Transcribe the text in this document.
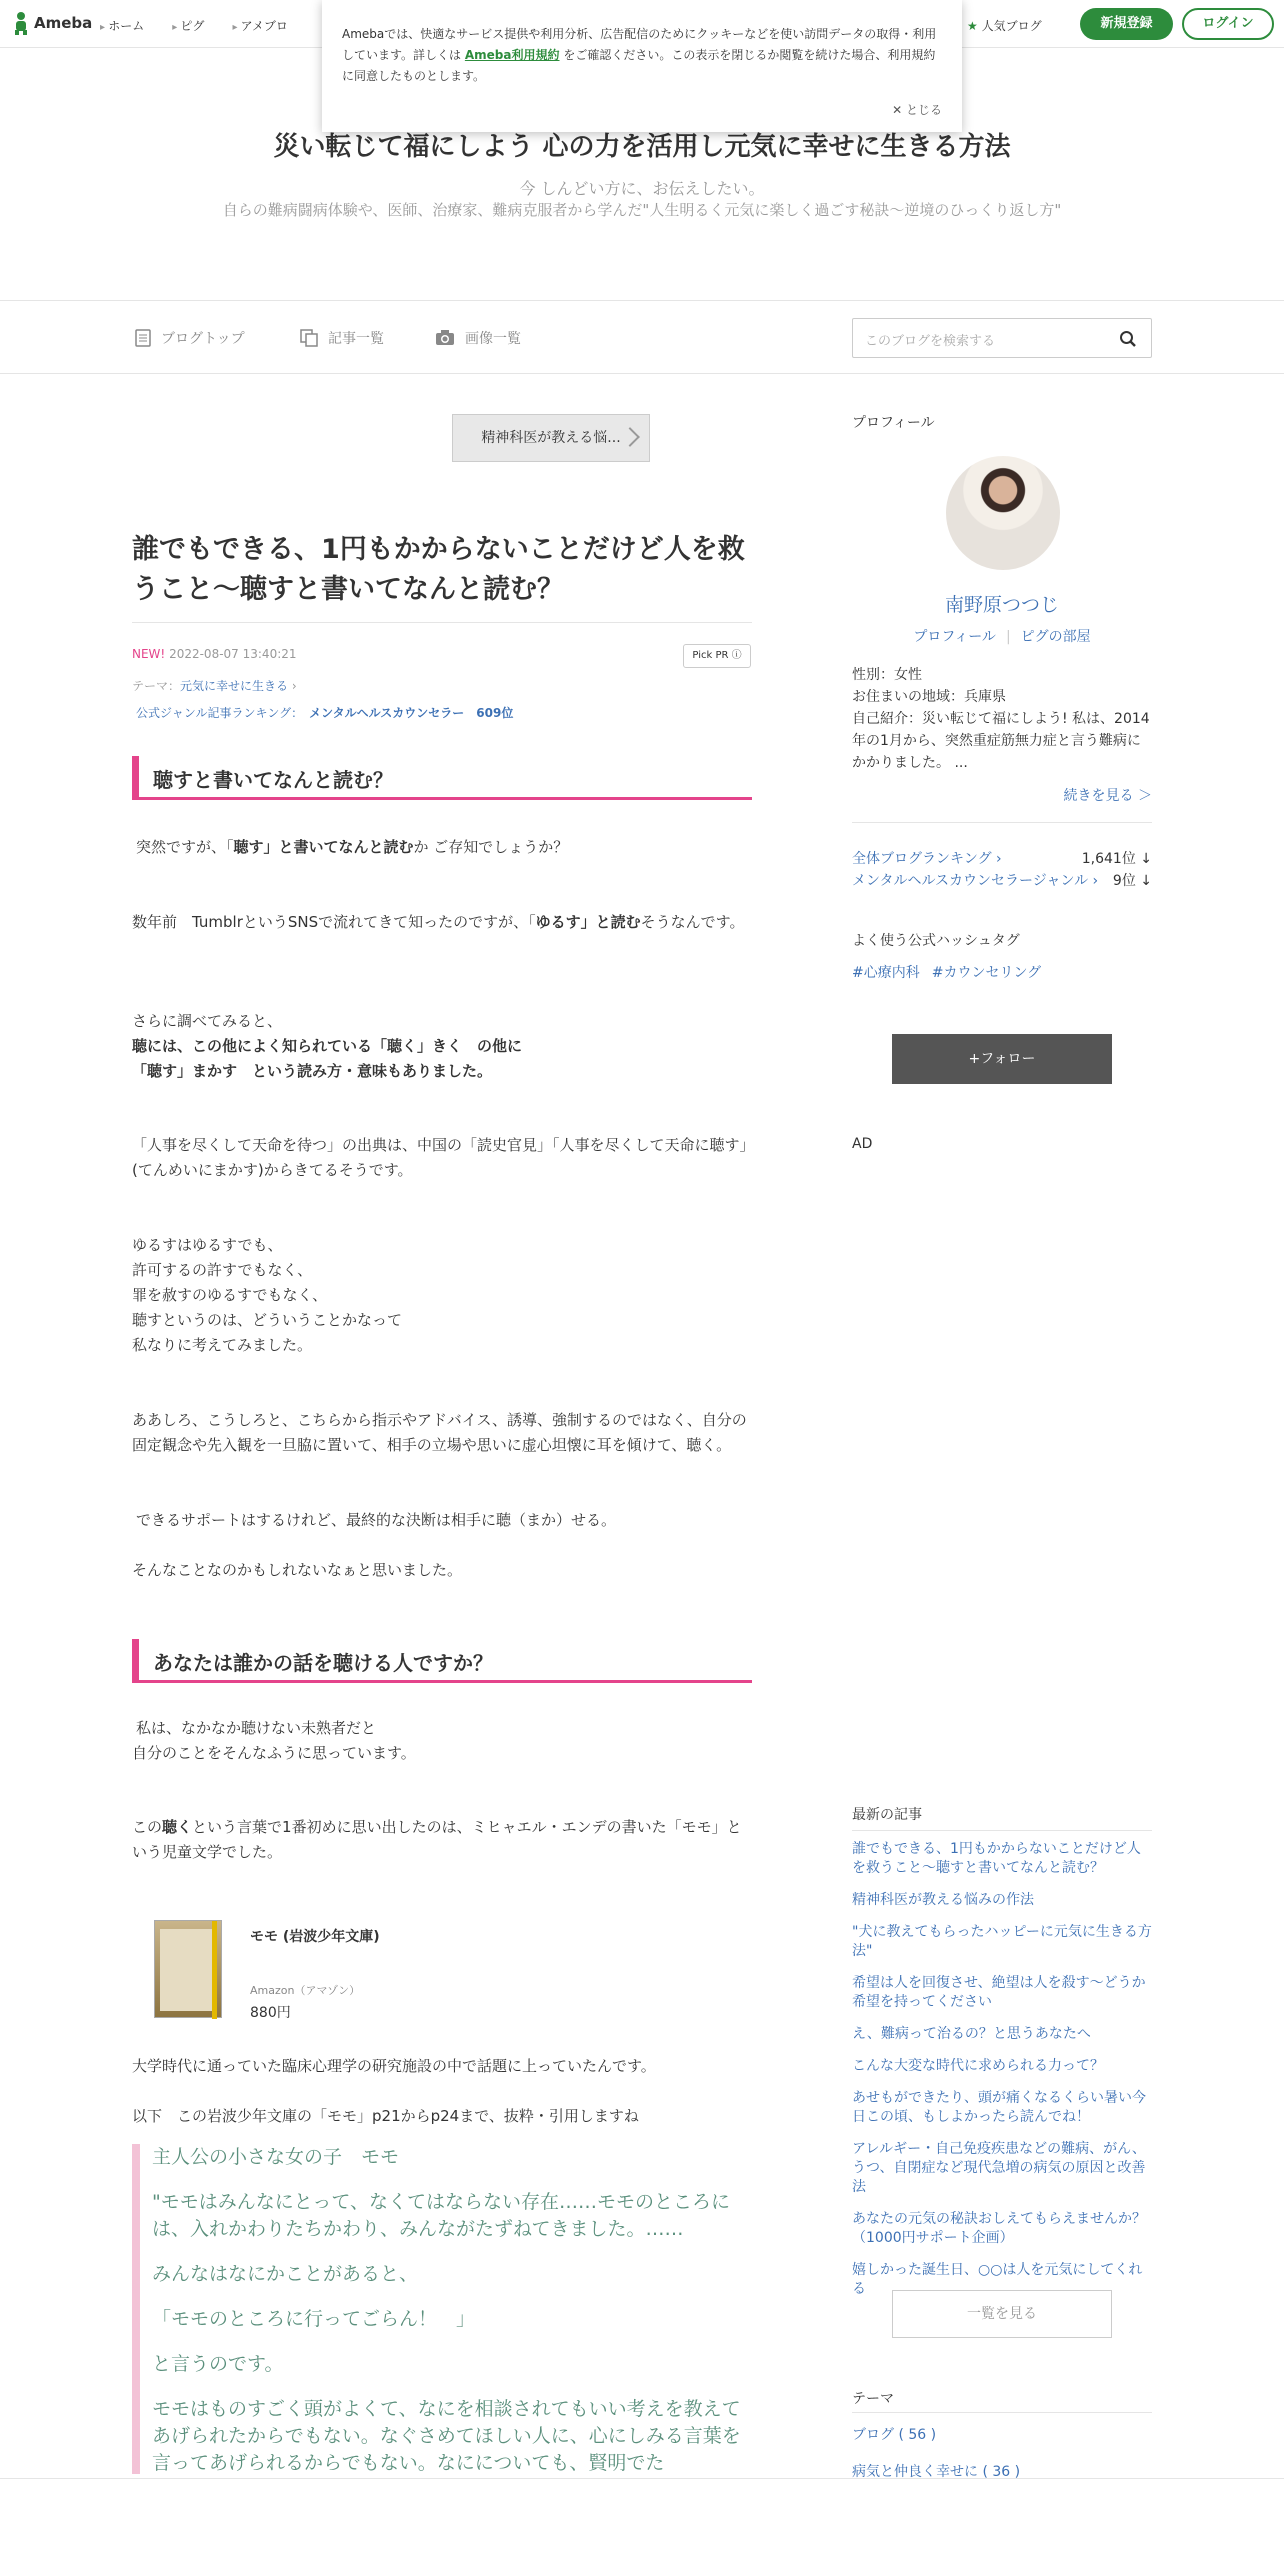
Ameba	▸ ホーム	▸ ピグ	▸ アメブロ	★ 人気ブログ	新規登録	ログイン
Amebaでは、快適なサービス提供や利用分析、広告配信のためにクッキーなどを使い訪問データの取得・利用しています。詳しくは Ameba利用規約 をご確認ください。この表示を閉じるか閲覧を続けた場合、利用規約に同意したものとします。
✕ とじる
災い転じて福にしよう 心の力を活用し元気に幸せに生きる方法
今 しんどい方に、お伝えしたい。
自らの難病闘病体験や、医師、治療家、難病克服者から学んだ"人生明るく元気に楽しく過ごす秘訣～逆境のひっくり返し方"
ブログトップ	記事一覧	画像一覧	このブログを検索する
精神科医が教える悩...
誰でもできる、1円もかからないことだけど人を救うこと～聴すと書いてなんと読む？
NEW! 2022-08-07 13:40:21	Pick PR ⓘ
テーマ：元気に幸せに生きる ›
公式ジャンル記事ランキング： メンタルヘルスカウンセラー　609位
聴すと書いてなんと読む？
突然ですが、「聴す」と書いてなんと読むか ご存知でしょうか？
数年前　TumblrというSNSで流れてきて知ったのですが、「ゆるす」と読むそうなんです。
さらに調べてみると、
聴には、この他によく知られている「聴く」きく　の他に
「聴す」まかす　という読み方・意味もありました。
「人事を尽くして天命を待つ」の出典は、中国の「読史官見」「人事を尽くして天命に聴す」(てんめいにまかす)からきてるそうです。
ゆるすはゆるすでも、
許可するの許すでもなく、
罪を赦すのゆるすでもなく、
聴すというのは、どういうことかなって
私なりに考えてみました。
ああしろ、こうしろと、こちらから指示やアドバイス、誘導、強制するのではなく、自分の固定観念や先入観を一旦脇に置いて、相手の立場や思いに虚心坦懐に耳を傾けて、聴く。
できるサポートはするけれど、最終的な決断は相手に聴（まか）せる。
そんなことなのかもしれないなぁと思いました。
あなたは誰かの話を聴ける人ですか？
私は、なかなか聴けない未熟者だと
自分のことをそんなふうに思っています。
この聴くという言葉で1番初めに思い出したのは、ミヒャエル・エンデの書いた「モモ」という児童文学でした。
モモ (岩波少年文庫)
Amazon（アマゾン）
880円
大学時代に通っていた臨床心理学の研究施設の中で話題に上っていたんです。
以下　この岩波少年文庫の「モモ」p21からp24まで、抜粋・引用しますね
主人公の小さな女の子　モモ
"モモはみんなにとって、なくてはならない存在……モモのところには、入れかわりたちかわり、みんながたずねてきました。……
みんなはなにかことがあると、
「モモのところに行ってごらん！　」
と言うのです。
モモはものすごく頭がよくて、なにを相談されてもいい考えを教えてあげられたからでもない。なぐさめてほしい人に、心にしみる言葉を言ってあげられるからでもない。なにについても、賢明でた
プロフィール
南野原つつじ
プロフィール | ピグの部屋
性別：女性
お住まいの地域：兵庫県
自己紹介：災い転じて福にしよう! 私は、2014年の1月から、突然重症筋無力症と言う難病にかかりました。 ...
続きを見る ＞
全体ブログランキング ›	1,641位 ↓
メンタルヘルスカウンセラージャンル › 9位 ↓
よく使う公式ハッシュタグ
#心療内科 #カウンセリング
+フォロー
AD
最新の記事
誰でもできる、1円もかからないことだけど人を救うこと～聴すと書いてなんと読む？
精神科医が教える悩みの作法
"犬に教えてもらったハッピーに元気に生きる方法"
希望は人を回復させ、絶望は人を殺す～どうか希望を持ってください
え、難病って治るの？と思うあなたへ
こんな大変な時代に求められる力って？
あせもができたり、頭が痛くなるくらい暑い今日この頃、もしよかったら読んでね！
アレルギー・自己免疫疾患などの難病、がん、うつ、自閉症など現代急増の病気の原因と改善法
あなたの元気の秘訣おしえてもらえませんか？（1000円サポート企画）
嬉しかった誕生日、○○は人を元気にしてくれる
一覧を見る
テーマ
ブログ ( 56 )
病気と仲良く幸せに ( 36 )
